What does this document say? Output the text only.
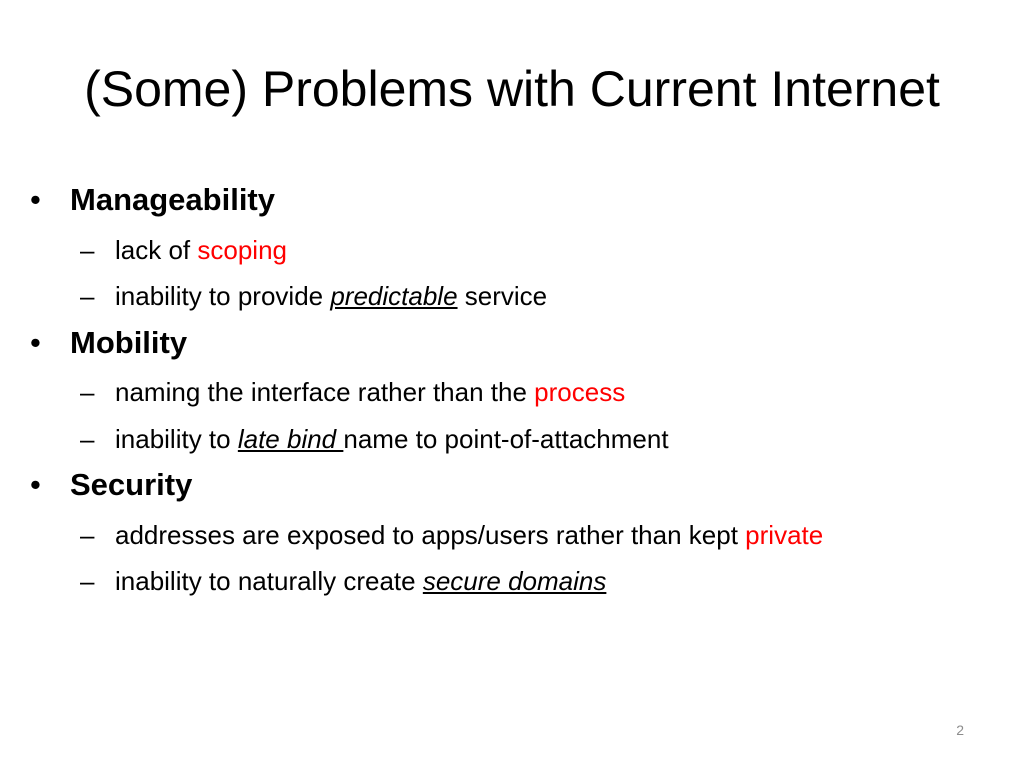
(Some) Problems with Current Internet
• Manageability
– lack of scoping
– inability to provide predictable service
• Mobility
– naming the interface rather than the process
– inability to late bind name to point-of-attachment
• Security
– addresses are exposed to apps/users rather than kept private
– inability to naturally create secure domains
2
